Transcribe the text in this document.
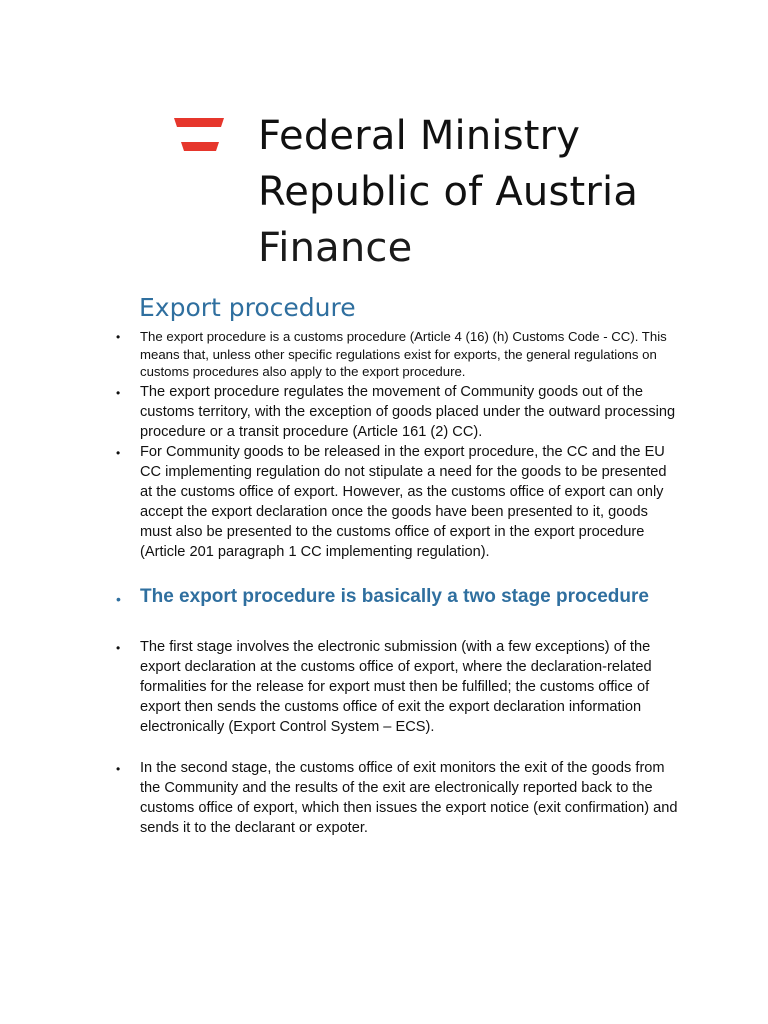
Federal Ministry
Republic of Austria
Finance
Export procedure
• The export procedure is a customs procedure (Article 4 (16) (h) Customs Code - CC). This means that, unless other specific regulations exist for exports, the general regulations on customs procedures also apply to the export procedure.
• The export procedure regulates the movement of Community goods out of the customs territory, with the exception of goods placed under the outward processing procedure or a transit procedure (Article 161 (2) CC).
• For Community goods to be released in the export procedure, the CC and the EU CC implementing regulation do not stipulate a need for the goods to be presented at the customs office of export. However, as the customs office of export can only accept the export declaration once the goods have been presented to it, goods must also be presented to the customs office of export in the export procedure (Article 201 paragraph 1 CC implementing regulation).
• The export procedure is basically a two stage procedure
• The first stage involves the electronic submission (with a few exceptions) of the export declaration at the customs office of export, where the declaration-related formalities for the release for export must then be fulfilled; the customs office of export then sends the customs office of exit the export declaration information electronically (Export Control System – ECS).
• In the second stage, the customs office of exit monitors the exit of the goods from the Community and the results of the exit are electronically reported back to the customs office of export, which then issues the export notice (exit confirmation) and sends it to the declarant or expoter.
